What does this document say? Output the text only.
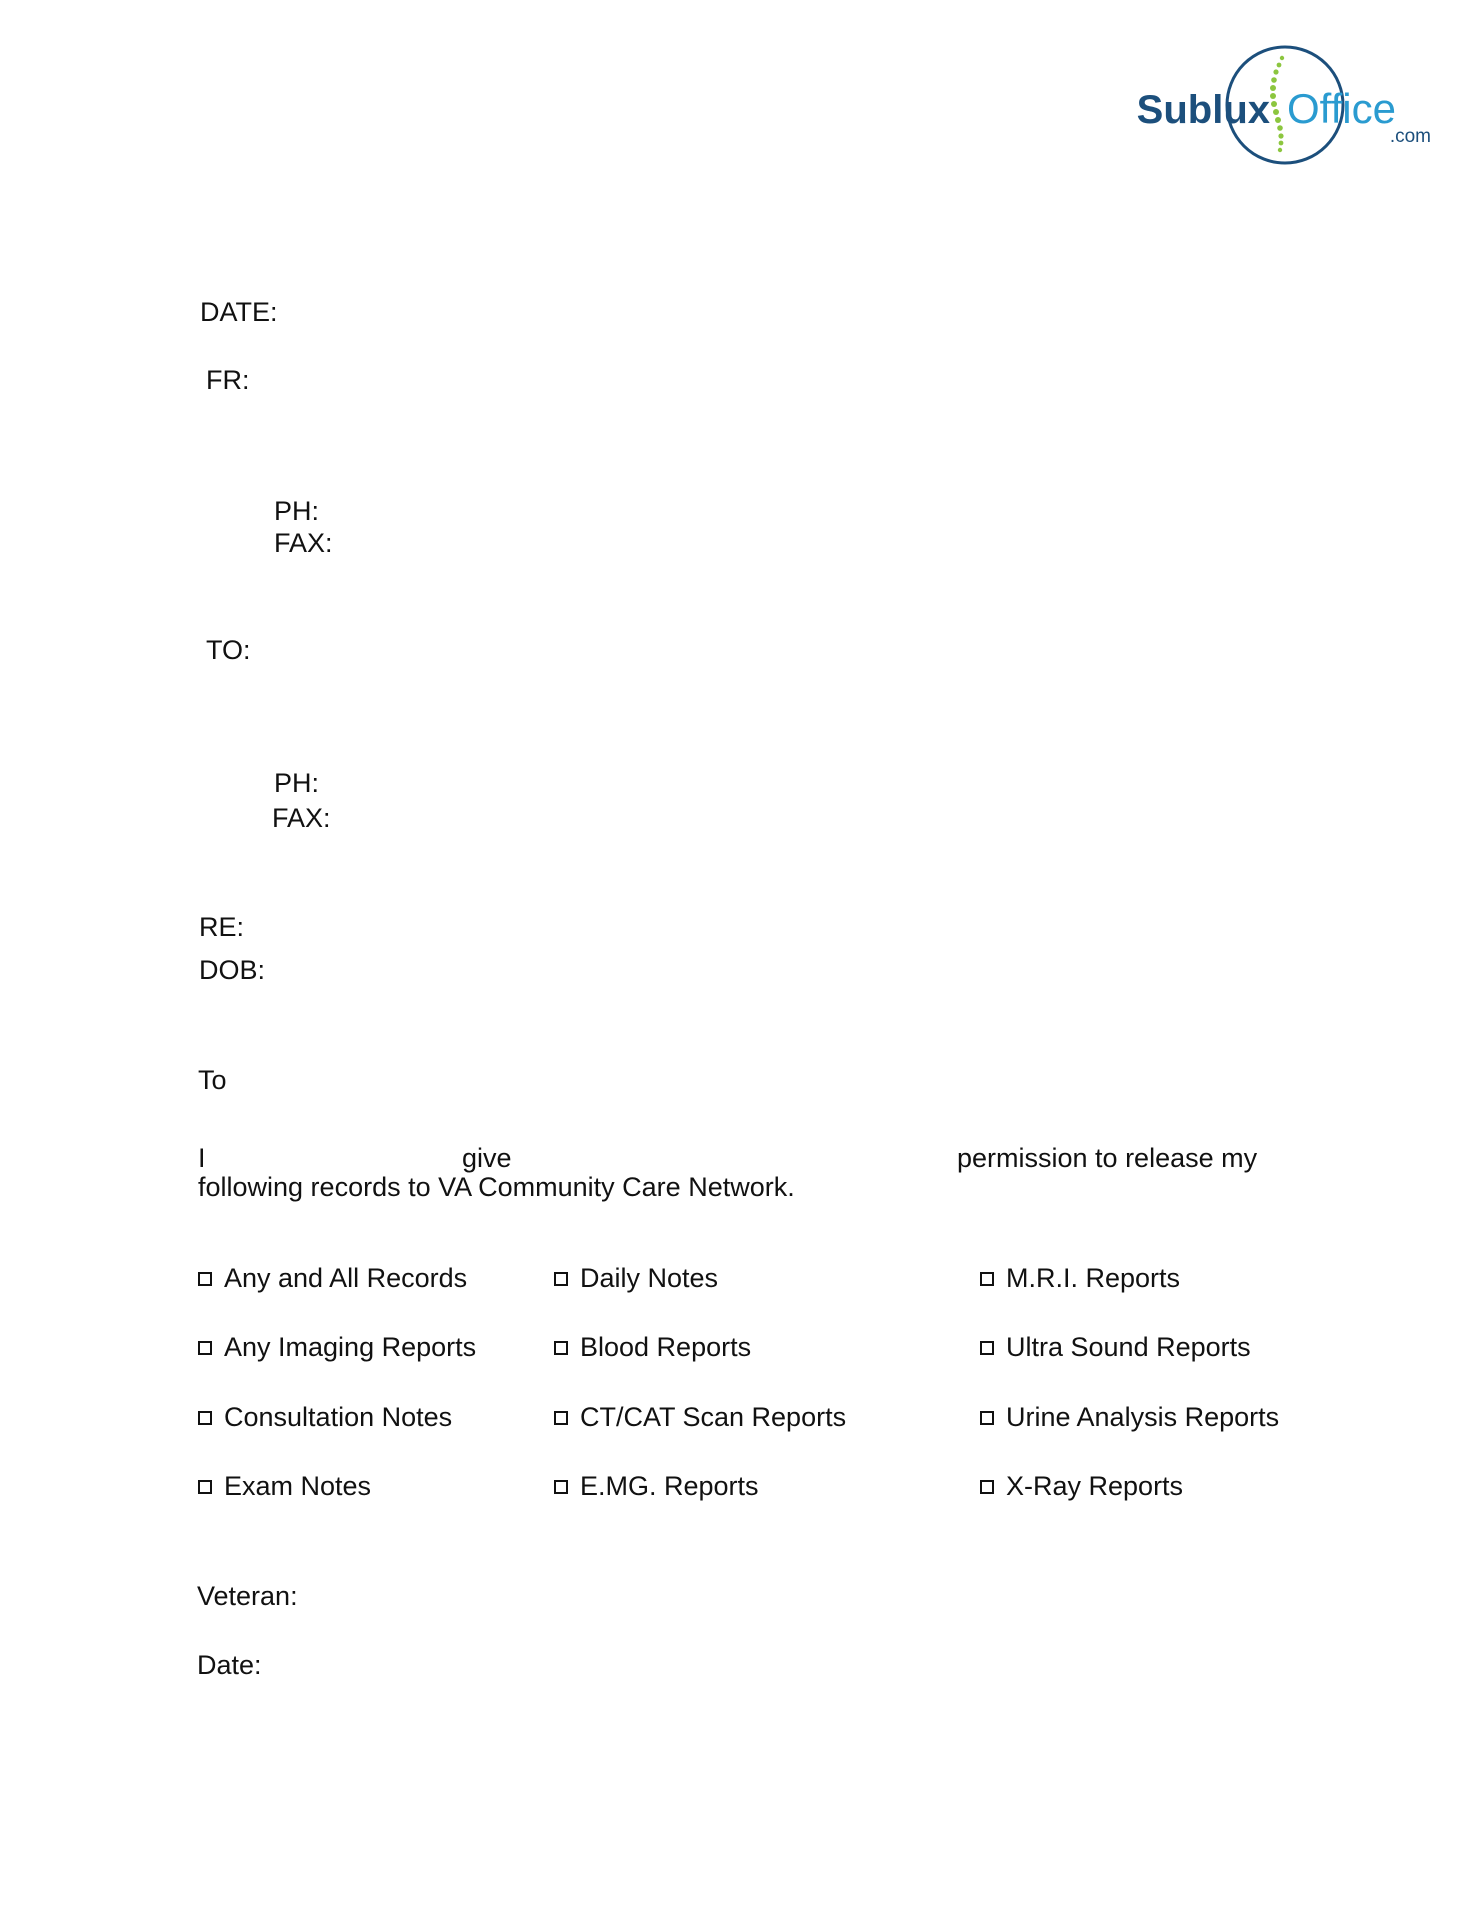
Sublux Office
.com
DATE:
FR:
PH:
FAX:
TO:
PH:
FAX:
RE:
DOB:
To
I	give	permission to release my
following records to VA Community Care Network.
Any and All Records
Any Imaging Reports
Consultation Notes
Exam Notes
Daily Notes
Blood Reports
CT/CAT Scan Reports
E.MG. Reports
M.R.I. Reports
Ultra Sound Reports
Urine Analysis Reports
X-Ray Reports
Veteran:
Date:
